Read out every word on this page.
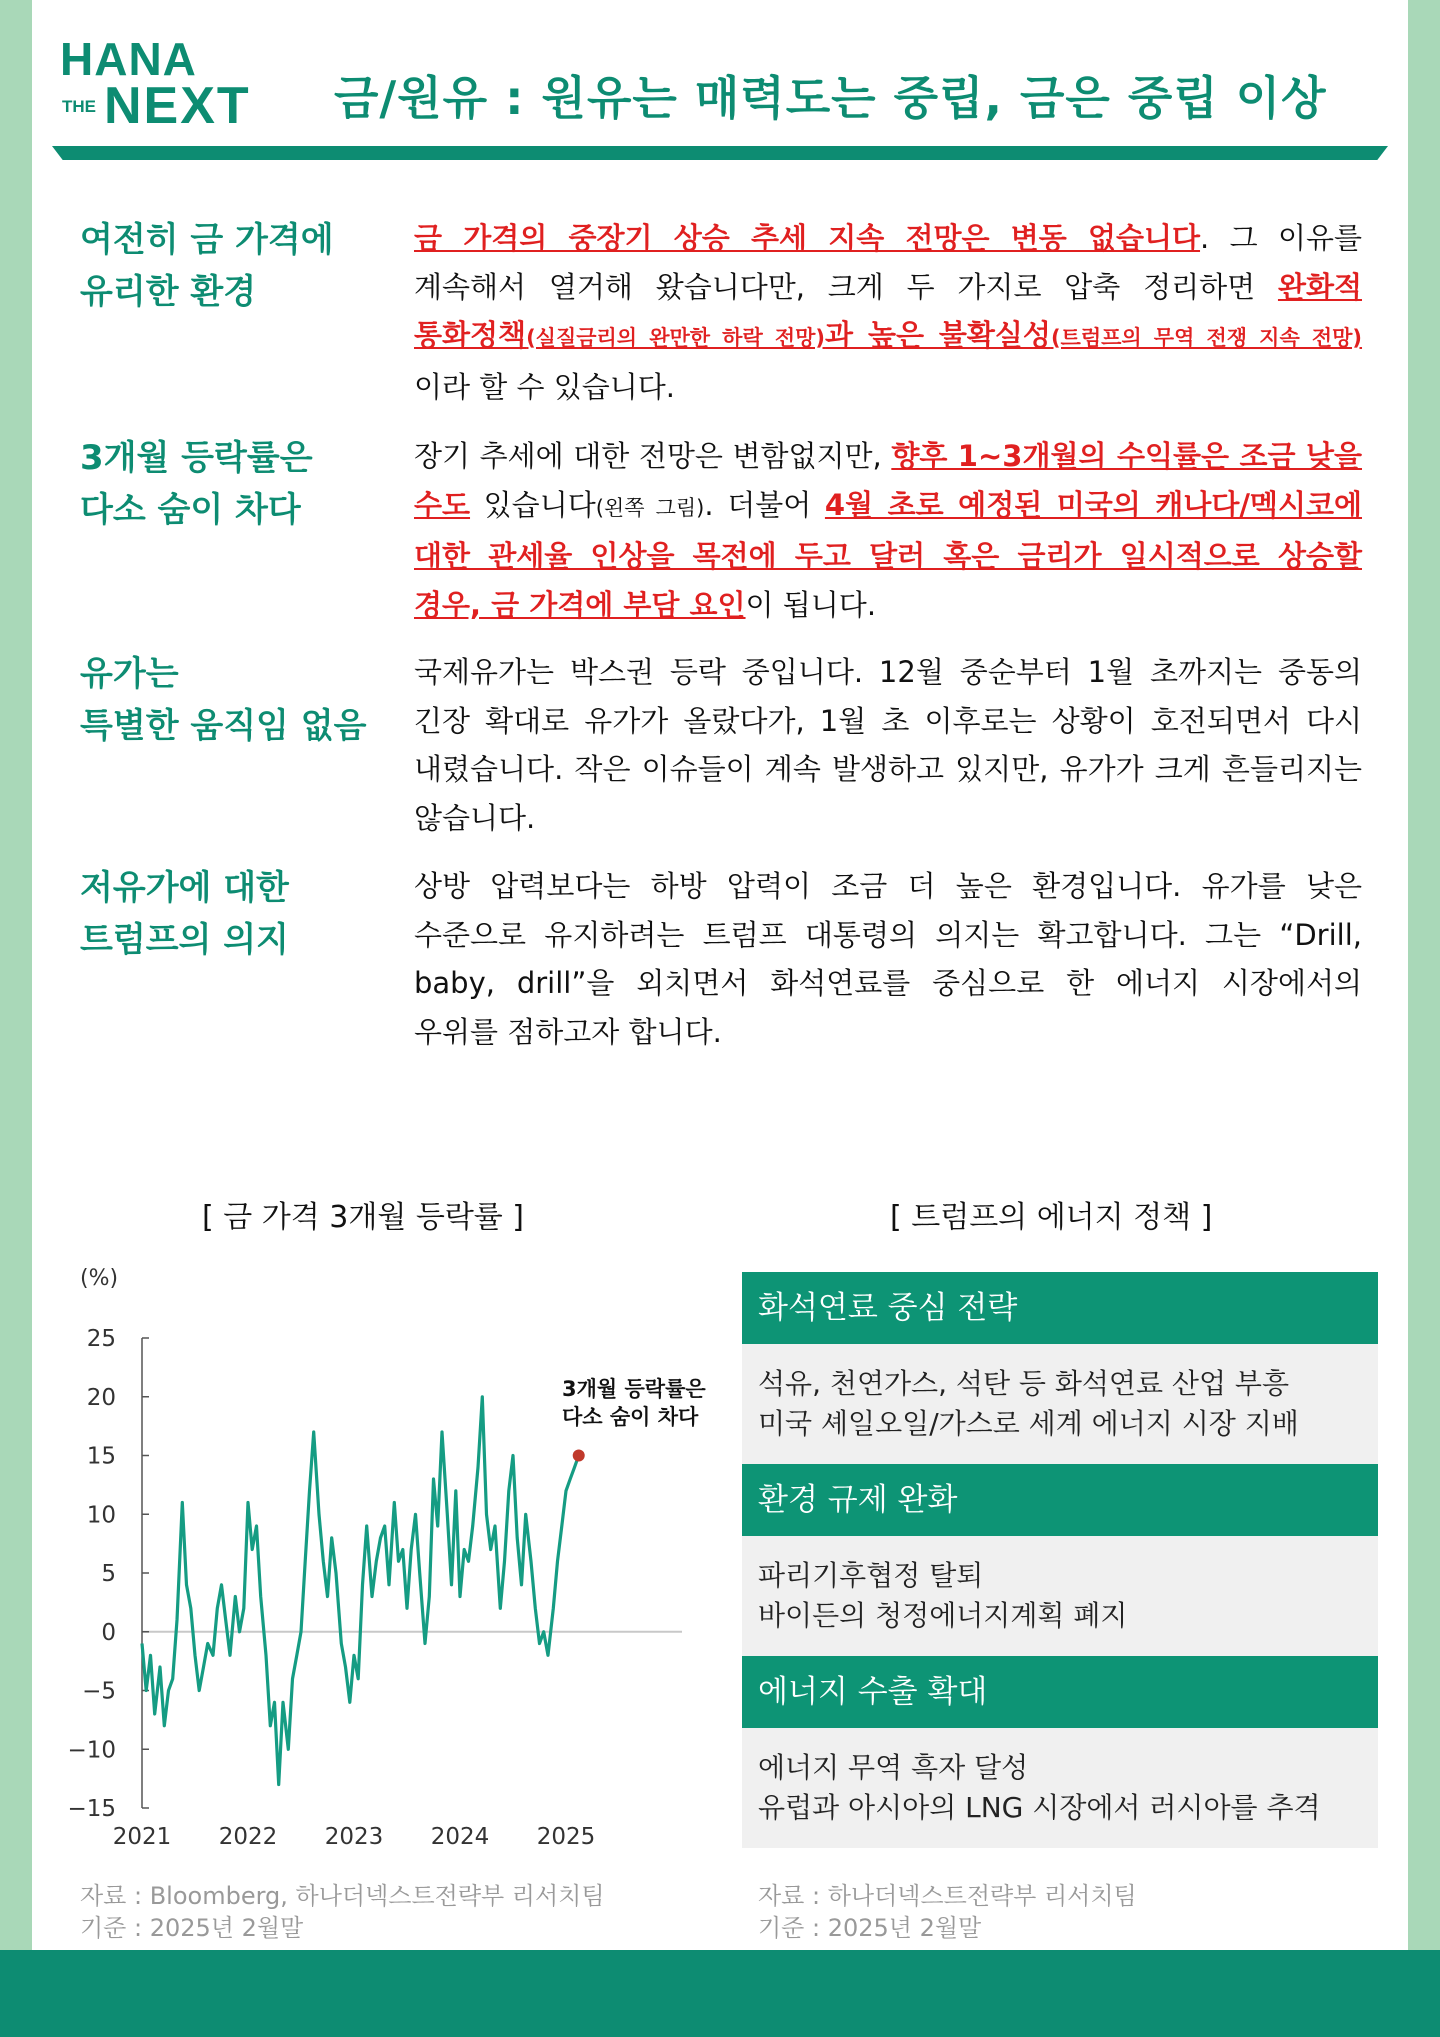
HANA
THE NEXT 금/원유 : 원유는 매력도는 중립, 금은 중립 이상
여전히 금 가격에
유리한 환경
금 가격의 중장기 상승 추세 지속 전망은 변동 없습니다. 그 이유를 계속해서 열거해 왔습니다만, 크게 두 가지로 압축 정리하면 완화적 통화정책(실질금리의 완만한 하락 전망)과 높은 불확실성(트럼프의 무역 전쟁 지속 전망)이라 할 수 있습니다.
3개월 등락률은
다소 숨이 차다
장기 추세에 대한 전망은 변함없지만, 향후 1~3개월의 수익률은 조금 낮을 수도 있습니다(왼쪽 그림). 더불어 4월 초로 예정된 미국의 캐나다/멕시코에 대한 관세율 인상을 목전에 두고 달러 혹은 금리가 일시적으로 상승할 경우, 금 가격에 부담 요인이 됩니다.
유가는
특별한 움직임 없음
국제유가는 박스권 등락 중입니다. 12월 중순부터 1월 초까지는 중동의 긴장 확대로 유가가 올랐다가, 1월 초 이후로는 상황이 호전되면서 다시 내렸습니다. 작은 이슈들이 계속 발생하고 있지만, 유가가 크게 흔들리지는 않습니다.
저유가에 대한
트럼프의 의지
상방 압력보다는 하방 압력이 조금 더 높은 환경입니다. 유가를 낮은 수준으로 유지하려는 트럼프 대통령의 의지는 확고합니다. 그는 “Drill, baby, drill”을 외치면서 화석연료를 중심으로 한 에너지 시장에서의 우위를 점하고자 합니다.
[ 금 가격 3개월 등락률 ]
(%)
25
20
15
10
5
0
−5
−10
−15
2021 2022 2023 2024 2025
3개월 등락률은
다소 숨이 차다
자료 : Bloomberg, 하나더넥스트전략부 리서치팀
기준 : 2025년 2월말
[ 트럼프의 에너지 정책 ]
화석연료 중심 전략
석유, 천연가스, 석탄 등 화석연료 산업 부흥
미국 셰일오일/가스로 세계 에너지 시장 지배
환경 규제 완화
파리기후협정 탈퇴
바이든의 청정에너지계획 폐지
에너지 수출 확대
에너지 무역 흑자 달성
유럽과 아시아의 LNG 시장에서 러시아를 추격
자료 : 하나더넥스트전략부 리서치팀
기준 : 2025년 2월말
